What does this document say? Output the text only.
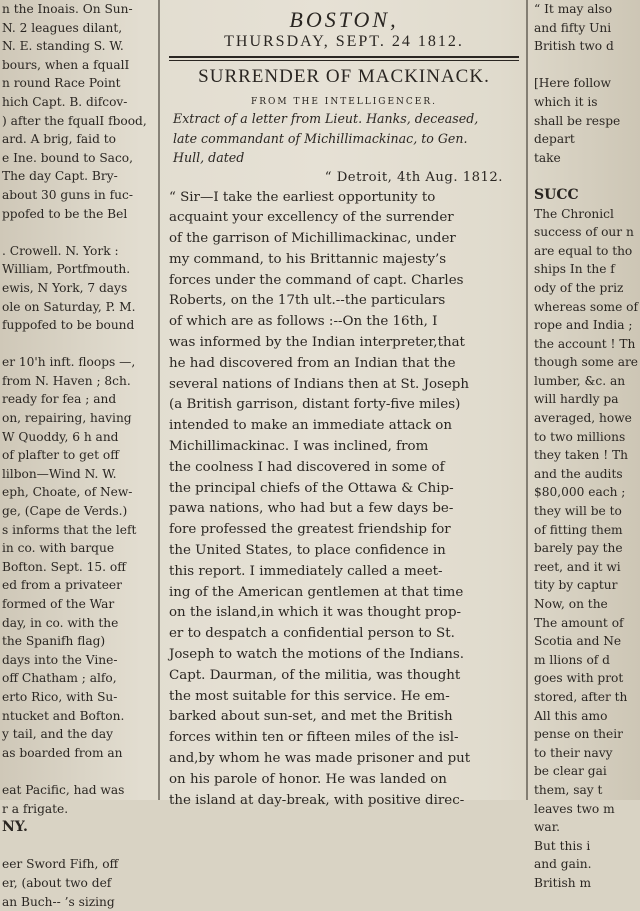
n the Inoais. On Sun-
N. 2 leagues dilant,
N. E. standing S. W.
bours, when a fqualI
n round Race Point
hich Capt. B. difcov-
) after the fqualI fbood,
ard. A brig, faid to
e Ine. bound to Saco,
The day Capt. Bry-
about 30 guns in fuc-
ppofed to be the Bel

. Crowell. N. York :
William, Portfmouth.
ewis, N York, 7 days
ole on Saturday, P. M.
fuppofed to be bound

er 10'h inft. floops —,
from N. Haven ; 8ch.
ready for fea ; and
on, repairing, having
W Quoddy, 6 h and
of plafter to get off
lilbon—Wind N. W.
eph, Choate, of New-
ge, (Cape de Verds.)
s informs that the left
in co. with barque
Bofton. Sept. 15. off
ed from a privateer
formed of the War
day, in co. with the
the Spanifh flag)
days into the Vine-
off Chatham ; alfo,
erto Rico, with Su-
ntucket and Bofton.
y tail, and the day
as boarded from an

eat Pacific, had was
r a frigate.
NY.

eer Sword Fifh, off
er, (about two def
an Buch-- ’s sizing
BOSTON,
THURSDAY, SEPT. 24 1812.
SURRENDER OF MACKINACK.
FROM THE INTELLIGENCER.
Extract of a letter from Lieut. Hanks, deceased,
late commandant of Michillimackinac, to Gen.
Hull, dated
“ Detroit, 4th Aug. 1812.
“ Sir—I take the earliest opportunity to
acquaint your excellency of the surrender
of the garrison of Michillimackinac, under
my command, to his Brittannic majesty’s
forces under the command of capt. Charles
Roberts, on the 17th ult.--the particulars
of which are as follows :--On the 16th, I
was informed by the Indian interpreter,that
he had discovered from an Indian that the
several nations of Indians then at St. Joseph
(a British garrison, distant forty-five miles)
intended to make an immediate attack on
Michillimackinac. I was inclined, from
the coolness I had discovered in some of
the principal chiefs of the Ottawa & Chip-
pawa nations, who had but a few days be-
fore professed the greatest friendship for
the United States, to place confidence in
this report. I immediately called a meet-
ing of the American gentlemen at that time
on the island,in which it was thought prop-
er to despatch a confidential person to St.
Joseph to watch the motions of the Indians.
Capt. Daurman, of the militia, was thought
the most suitable for this service. He em-
barked about sun-set, and met the British
forces within ten or fifteen miles of the isl-
and,by whom he was made prisoner and put
on his parole of honor. He was landed on
the island at day-break, with positive direc-
“ It may also
and fifty Uni
British two d

[Here follow
which it is
shall be respe
depart
take

SUCC
The Chronicl
success of our n
are equal to tho
ships In the f
ody of the priz
whereas some of
rope and India ;
the account ! Th
though some are
lumber, &c. an
will hardly pa
averaged, howe
to two millions
they taken ! Th
and the audits
$80,000 each ;
they will be to
of fitting them
barely pay the
reet, and it wi
tity by captur
Now, on the
The amount of
Scotia and Ne
m llions of d
goes with prot
stored, after th
All this amo
pense on their
to their navy
be clear gai
them, say t
leaves two m
war.
But this i
and gain.
British m
